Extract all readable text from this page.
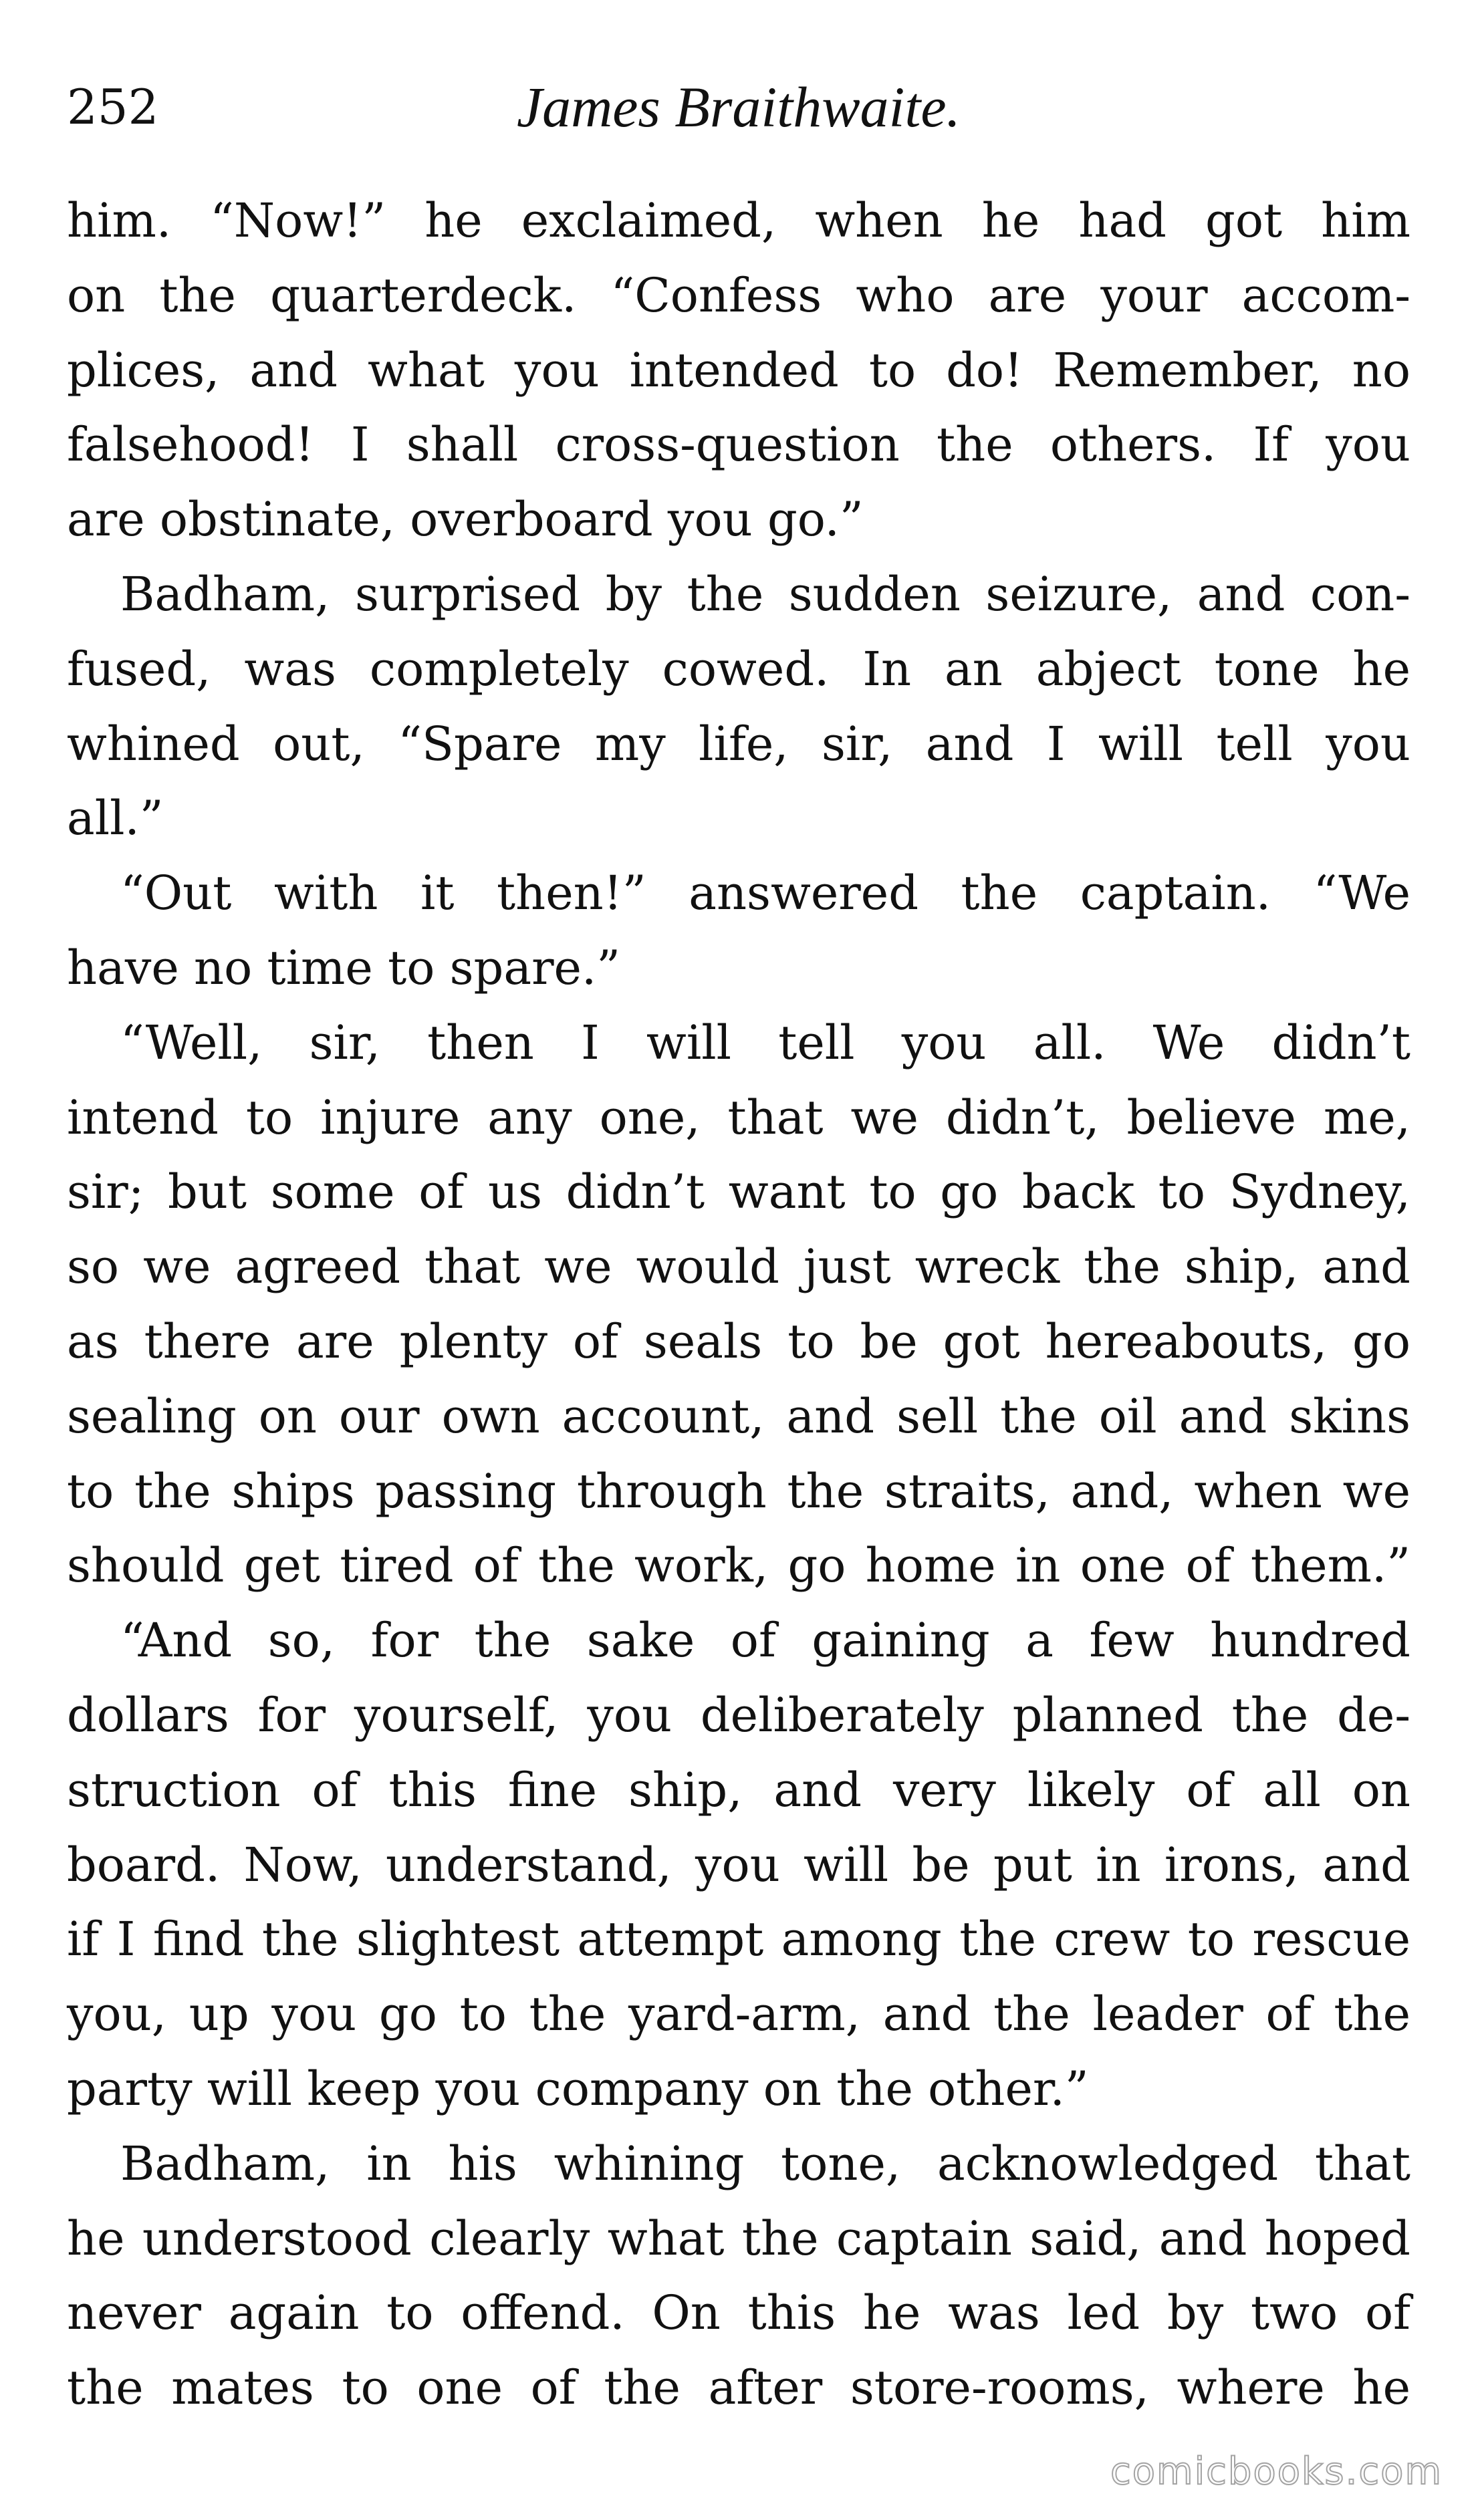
252	James Braithwaite.
him. “Now!” he exclaimed, when he had got him
on the quarterdeck. “Confess who are your accom-
plices, and what you intended to do! Remember, no
falsehood! I shall cross-question the others. If you
are obstinate, overboard you go.”
Badham, surprised by the sudden seizure, and con-
fused, was completely cowed. In an abject tone he
whined out, “Spare my life, sir, and I will tell you
all.”
“Out with it then!” answered the captain. “We
have no time to spare.”
“Well, sir, then I will tell you all. We didn’t
intend to injure any one, that we didn’t, believe me,
sir; but some of us didn’t want to go back to Sydney,
so we agreed that we would just wreck the ship, and
as there are plenty of seals to be got hereabouts, go
sealing on our own account, and sell the oil and skins
to the ships passing through the straits, and, when we
should get tired of the work, go home in one of them.”
“And so, for the sake of gaining a few hundred
dollars for yourself, you deliberately planned the de-
struction of this fine ship, and very likely of all on
board. Now, understand, you will be put in irons, and
if I find the slightest attempt among the crew to rescue
you, up you go to the yard-arm, and the leader of the
party will keep you company on the other.”
Badham, in his whining tone, acknowledged that
he understood clearly what the captain said, and hoped
never again to offend. On this he was led by two of
the mates to one of the after store-rooms, where he
comicbooks.com
